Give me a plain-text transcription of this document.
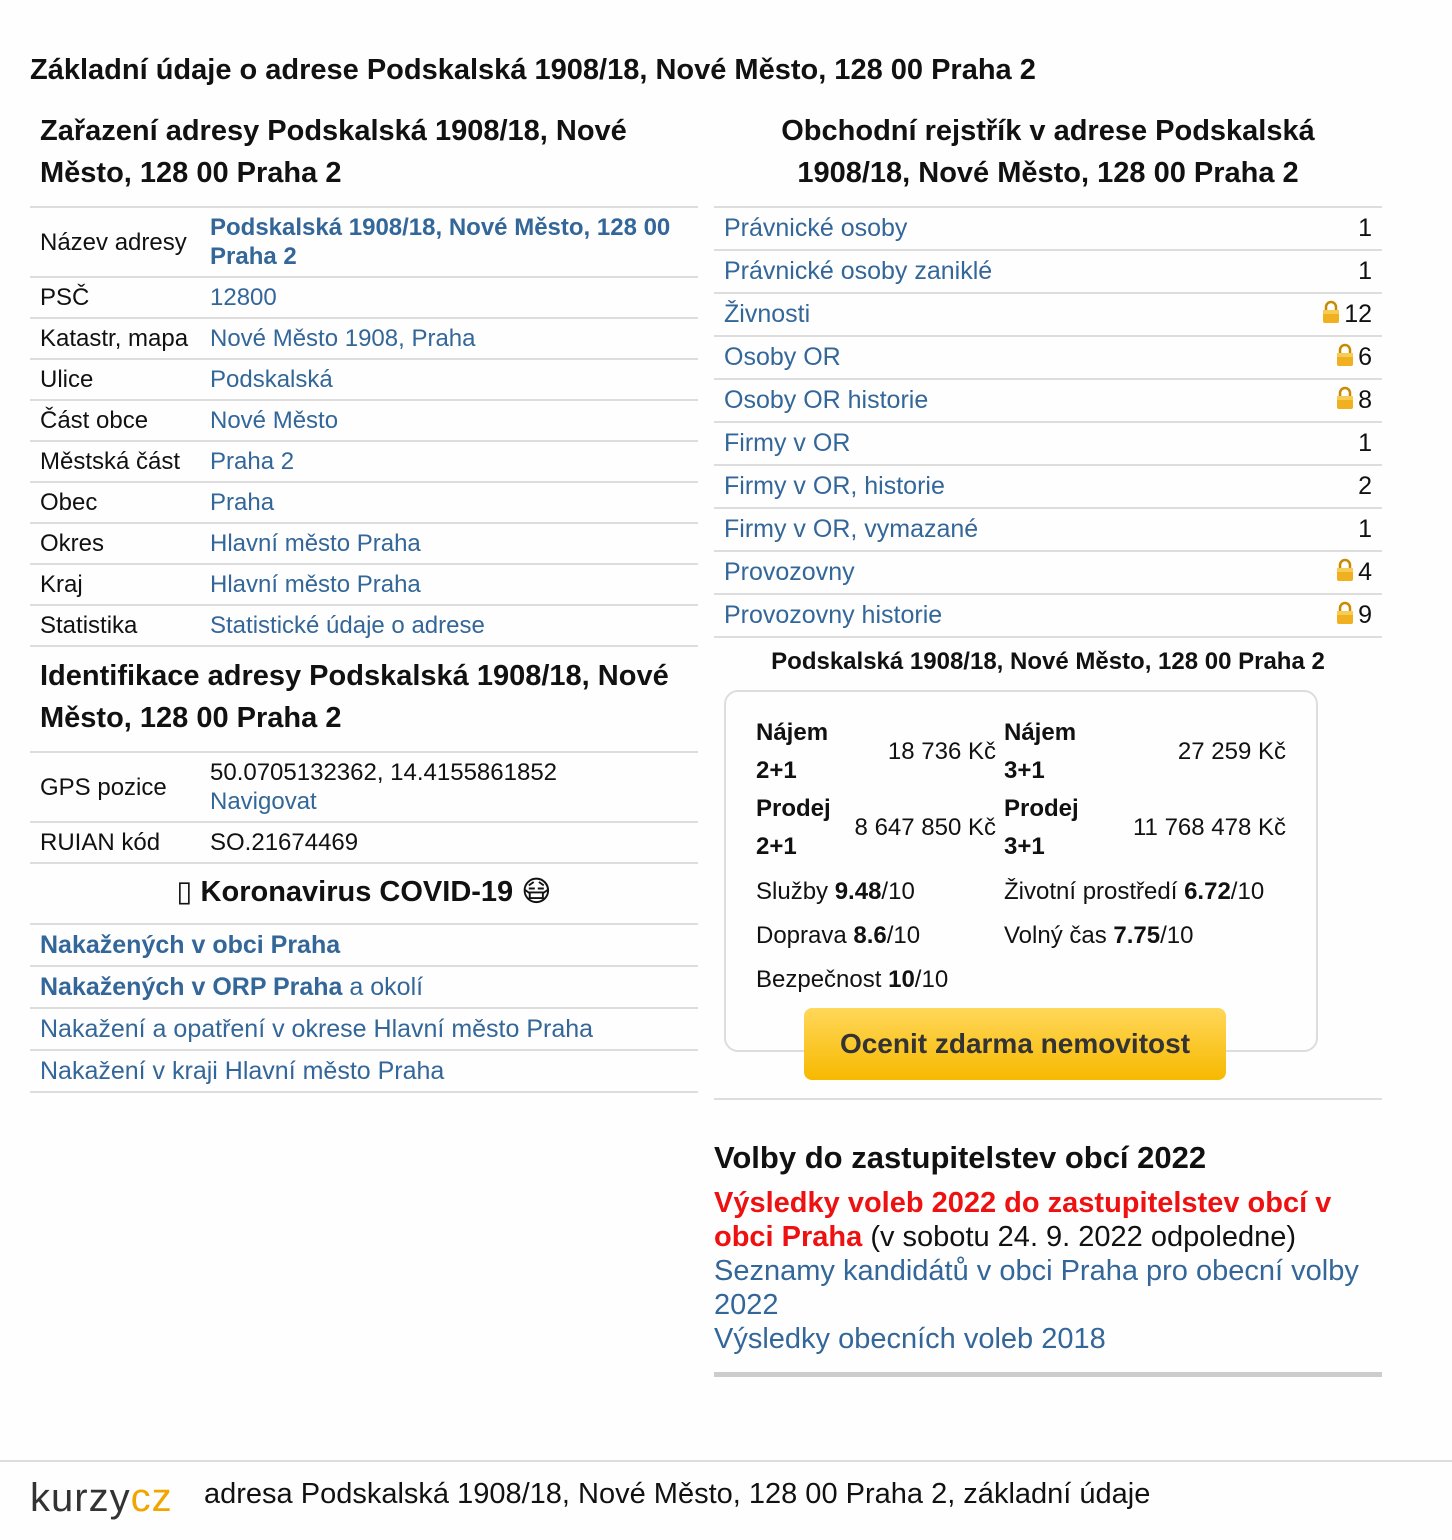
Základní údaje o adrese Podskalská 1908/18, Nové Město, 128 00 Praha 2
Zařazení adresy Podskalská 1908/18, Nové Město, 128 00 Praha 2
Název adresy	Podskalská 1908/18, Nové Město, 128 00 Praha 2
PSČ	12800
Katastr, mapa	Nové Město 1908, Praha
Ulice	Podskalská
Část obce	Nové Město
Městská část	Praha 2
Obec	Praha
Okres	Hlavní město Praha
Kraj	Hlavní město Praha
Statistika	Statistické údaje o adrese
Identifikace adresy Podskalská 1908/18, Nové Město, 128 00 Praha 2
GPS pozice	50.0705132362, 14.4155861852
Navigovat
RUIAN kód	SO.21674469
▯ Koronavirus COVID-19 😷
Nakažených v obci Praha
Nakažených v ORP Praha a okolí
Nakažení a opatření v okrese Hlavní město Praha
Nakažení v kraji Hlavní město Praha
Obchodní rejstřík v adrese Podskalská 1908/18, Nové Město, 128 00 Praha 2
Právnické osoby	1
Právnické osoby zaniklé	1
Živnosti	12
Osoby OR	6
Osoby OR historie	8
Firmy v OR	1
Firmy v OR, historie	2
Firmy v OR, vymazané	1
Provozovny	4
Provozovny historie	9

Podskalská 1908/18, Nové Město, 128 00 Praha 2

Nájem 2+1
18 736 Kč
Nájem 3+1
27 259 Kč
Prodej 2+1
8 647 850 Kč
Prodej 3+1
11 768 478 Kč
Služby 9.48/10	Životní prostředí 6.72/10
Doprava 8.6/10	Volný čas 7.75/10
Bezpečnost 10/10
Ocenit zdarma nemovitost
Volby do zastupitelstev obcí 2022

Výsledky voleb 2022 do zastupitelstev obcí v obci Praha (v sobotu 24. 9. 2022 odpoledne)

Seznamy kandidátů v obci Praha pro obecní volby 2022

Výsledky obecních voleb 2018

kurzycz adresa Podskalská 1908/18, Nové Město, 128 00 Praha 2, základní údaje
